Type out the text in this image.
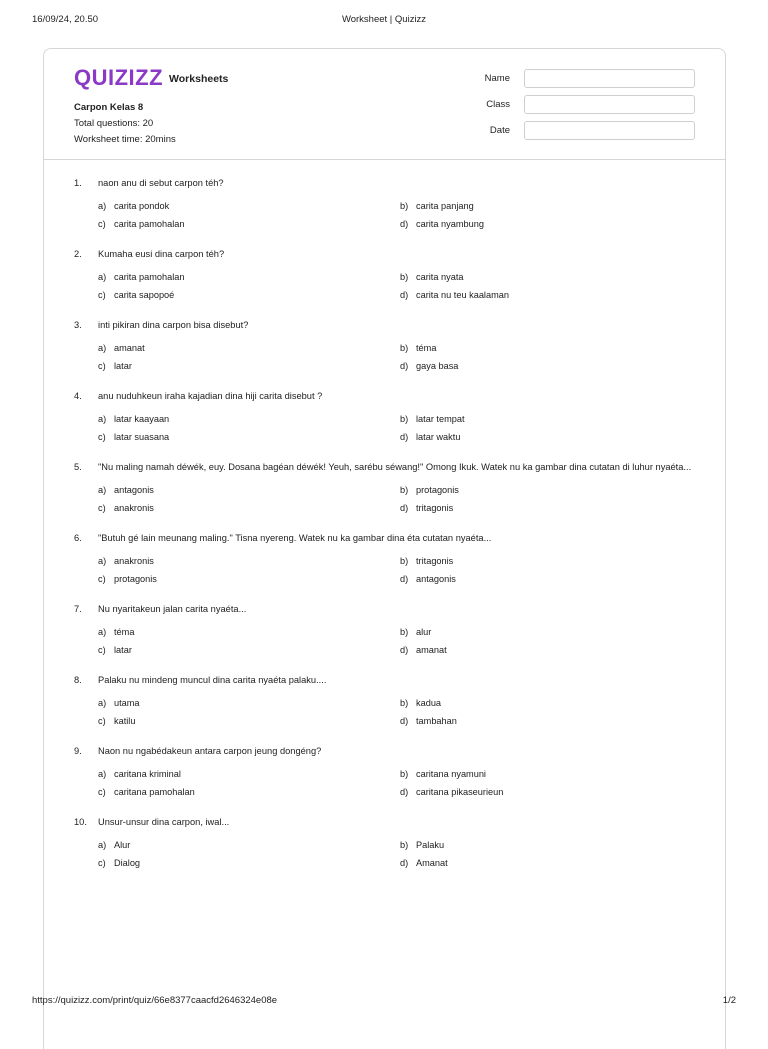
16/09/24, 20.50	Worksheet | Quizizz
QUIZIZZ Worksheets
Carpon Kelas 8
Total questions: 20
Worksheet time: 20mins
Name
Class
Date
1.	naon anu di sebut carpon téh?
a) carita pondok	b) carita panjang
c) carita pamohalan	d) carita nyambung
2.	Kumaha eusi dina carpon téh?
a) carita pamohalan	b) carita nyata
c) carita sapopoé	d) carita nu teu kaalaman
3.	inti pikiran dina carpon bisa disebut?
a) amanat	b) téma
c) latar	d) gaya basa
4.	anu nuduhkeun iraha kajadian dina hiji carita disebut ?
a) latar kaayaan	b) latar tempat
c) latar suasana	d) latar waktu
5.	"Nu maling namah déwék, euy. Dosana bagéan déwék! Yeuh, sarébu séwang!" Omong Ikuk. Watek nu ka gambar dina cutatan di luhur nyaéta...
a) antagonis	b) protagonis
c) anakronis	d) tritagonis
6.	"Butuh gé lain meunang maling." Tisna nyereng. Watek nu ka gambar dina éta cutatan nyaéta...
a) anakronis	b) tritagonis
c) protagonis	d) antagonis
7.	Nu nyaritakeun jalan carita nyaéta...
a) téma	b) alur
c) latar	d) amanat
8.	Palaku nu mindeng muncul dina carita nyaéta palaku....
a) utama	b) kadua
c) katilu	d) tambahan
9.	Naon nu ngabédakeun antara carpon jeung dongéng?
a) caritana kriminal	b) caritana nyamuni
c) caritana pamohalan	d) caritana pikaseurieun
10.	Unsur-unsur dina carpon, iwal...
a) Alur	b) Palaku
c) Dialog	d) Amanat
https://quizizz.com/print/quiz/66e8377caacfd2646324e08e	1/2
